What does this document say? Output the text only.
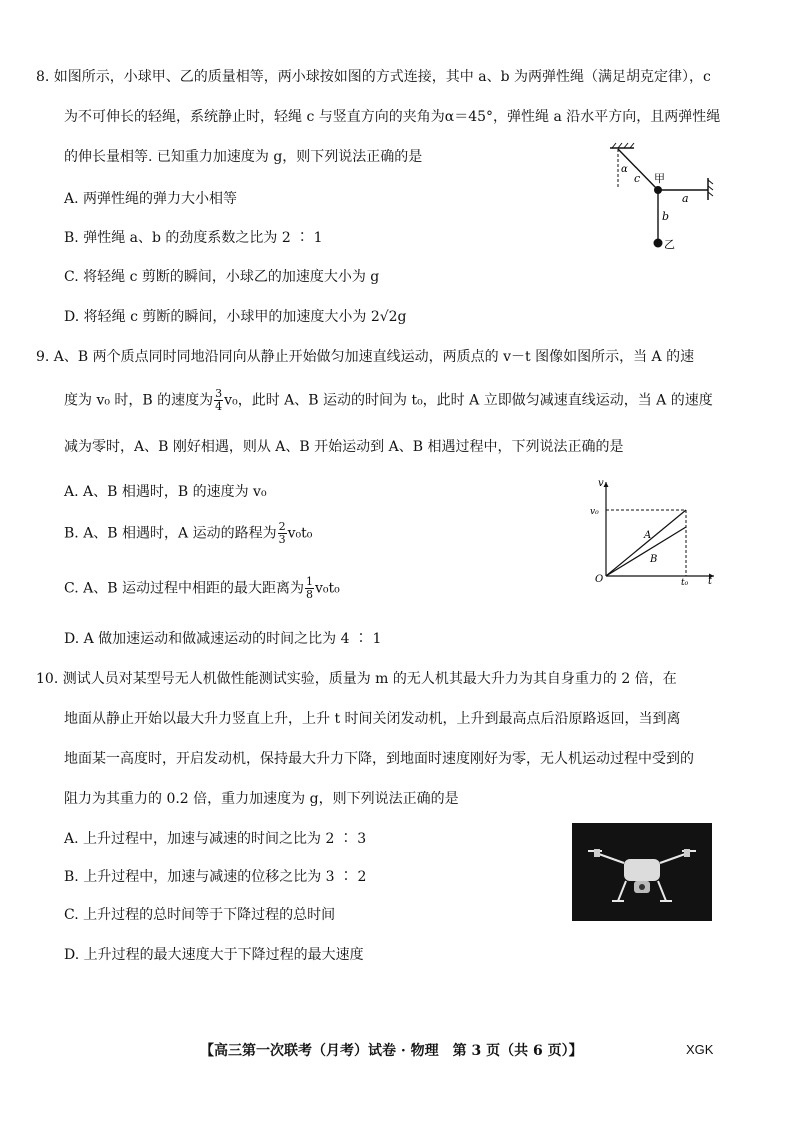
8. 如图所示，小球甲、乙的质量相等，两小球按如图的方式连接，其中 a、b 为两弹性绳（满足胡克定律），c
为不可伸长的轻绳，系统静止时，轻绳 c 与竖直方向的夹角为α＝45°，弹性绳 a 沿水平方向，且两弹性绳
的伸长量相等. 已知重力加速度为 g，则下列说法正确的是
A. 两弹性绳的弹力大小相等
B. 弹性绳 a、b 的劲度系数之比为 2 ∶ 1
C. 将轻绳 c 剪断的瞬间，小球乙的加速度大小为 g
D. 将轻绳 c 剪断的瞬间，小球甲的加速度大小为 2√2g
α
c 甲
a
b
乙
9. A、B 两个质点同时同地沿同向从静止开始做匀加速直线运动，两质点的 v－t 图像如图所示，当 A 的速
度为 v₀ 时，B 的速度为 $\frac{3}{4} v_0$，此时 A、B 运动的时间为 t₀，此时 A 立即做匀减速直线运动，当 A 的速度
减为零时，A、B 刚好相遇，则从 A、B 开始运动到 A、B 相遇过程中，下列说法正确的是
A. A、B 相遇时，B 的速度为 v₀
B. A、B 相遇时，A 运动的路程为 $\frac{2}{3} v_0t_0$
C. A、B 运动过程中相距的最大距离为 $\frac{1}{8} v_0t_0$
D. A 做加速运动和做减速运动的时间之比为 4 ∶ 1
v
t
O
v₀
t₀
A
B
10. 测试人员对某型号无人机做性能测试实验，质量为 m 的无人机其最大升力为其自身重力的 2 倍，在
地面从静止开始以最大升力竖直上升，上升 t 时间关闭发动机，上升到最高点后沿原路返回，当到离
地面某一高度时，开启发动机，保持最大升力下降，到地面时速度刚好为零，无人机运动过程中受到的
阻力为其重力的 0.2 倍，重力加速度为 g，则下列说法正确的是
A. 上升过程中，加速与减速的时间之比为 2 ∶ 3
B. 上升过程中，加速与减速的位移之比为 3 ∶ 2
C. 上升过程的总时间等于下降过程的总时间
D. 上升过程的最大速度大于下降过程的最大速度
【高三第一次联考（月考）试卷 · 物理　第 3 页（共 6 页）】	XGK
